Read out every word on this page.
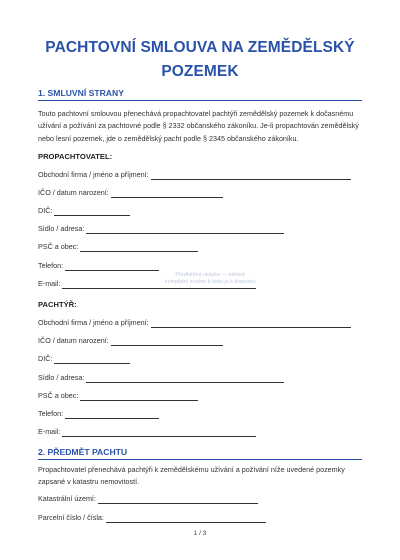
PACHTOVNÍ SMLOUVA NA ZEMĚDĚLSKÝ POZEMEK
1. SMLUVNÍ STRANY
Touto pachtovní smlouvou přenechává propachtovatel pachtýři zemědělský pozemek k dočasnému užívání a požívání za pachtovné podle § 2332 občanského zákoníku. Je-li propachtován zemědělský nebo lesní pozemek, jde o zemědělský pacht podle § 2345 občanského zákoníku.
PROPACHTOVATEL:
Obchodní firma / jméno a příjmení:
IČO / datum narození:
DIČ:
Sídlo / adresa:
PSČ a obec:
Telefon:
E-mail:
Předběžná ukázka — náhled
kompletní soubor k tisku je k dispozici
PACHTÝŘ:
Obchodní firma / jméno a příjmení:
IČO / datum narození:
DIČ:
Sídlo / adresa:
PSČ a obec:
Telefon:
E-mail:
2. PŘEDMĚT PACHTU
Propachtovatel přenechává pachtýři k zemědělskému užívání a požívání níže uvedené pozemky zapsané v katastru nemovitostí.
Katastrální území:
Parcelní číslo / čísla:
1 / 3
